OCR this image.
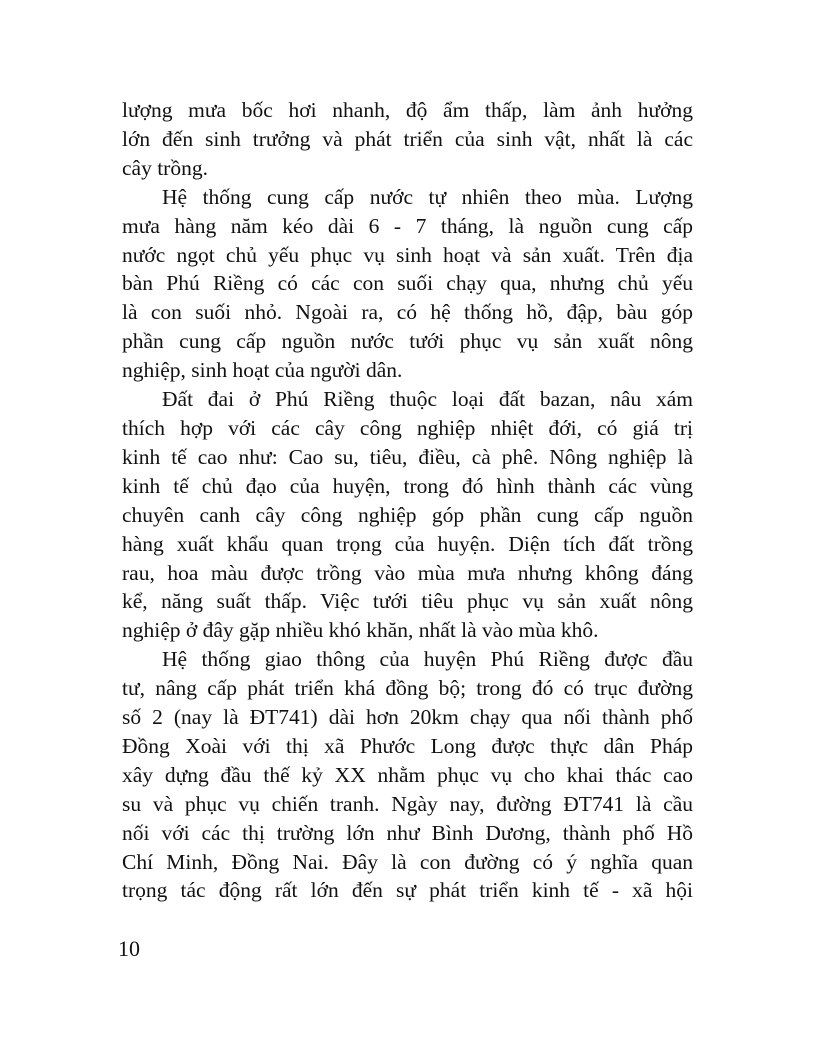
lượng mưa bốc hơi nhanh, độ ẩm thấp, làm ảnh hưởng
lớn đến sinh trưởng và phát triển của sinh vật, nhất là các
cây trồng.
Hệ thống cung cấp nước tự nhiên theo mùa. Lượng
mưa hàng năm kéo dài 6 - 7 tháng, là nguồn cung cấp
nước ngọt chủ yếu phục vụ sinh hoạt và sản xuất. Trên địa
bàn Phú Riềng có các con suối chạy qua, nhưng chủ yếu
là con suối nhỏ. Ngoài ra, có hệ thống hồ, đập, bàu góp
phần cung cấp nguồn nước tưới phục vụ sản xuất nông
nghiệp, sinh hoạt của người dân.
Đất đai ở Phú Riềng thuộc loại đất bazan, nâu xám
thích hợp với các cây công nghiệp nhiệt đới, có giá trị
kinh tế cao như: Cao su, tiêu, điều, cà phê. Nông nghiệp là
kinh tế chủ đạo của huyện, trong đó hình thành các vùng
chuyên canh cây công nghiệp góp phần cung cấp nguồn
hàng xuất khẩu quan trọng của huyện. Diện tích đất trồng
rau, hoa màu được trồng vào mùa mưa nhưng không đáng
kể, năng suất thấp. Việc tưới tiêu phục vụ sản xuất nông
nghiệp ở đây gặp nhiều khó khăn, nhất là vào mùa khô.
Hệ thống giao thông của huyện Phú Riềng được đầu
tư, nâng cấp phát triển khá đồng bộ; trong đó có trục đường
số 2 (nay là ĐT741) dài hơn 20km chạy qua nối thành phố
Đồng Xoài với thị xã Phước Long được thực dân Pháp
xây dựng đầu thế kỷ XX nhằm phục vụ cho khai thác cao
su và phục vụ chiến tranh. Ngày nay, đường ĐT741 là cầu
nối với các thị trường lớn như Bình Dương, thành phố Hồ
Chí Minh, Đồng Nai. Đây là con đường có ý nghĩa quan
trọng tác động rất lớn đến sự phát triển kinh tế - xã hội
10
